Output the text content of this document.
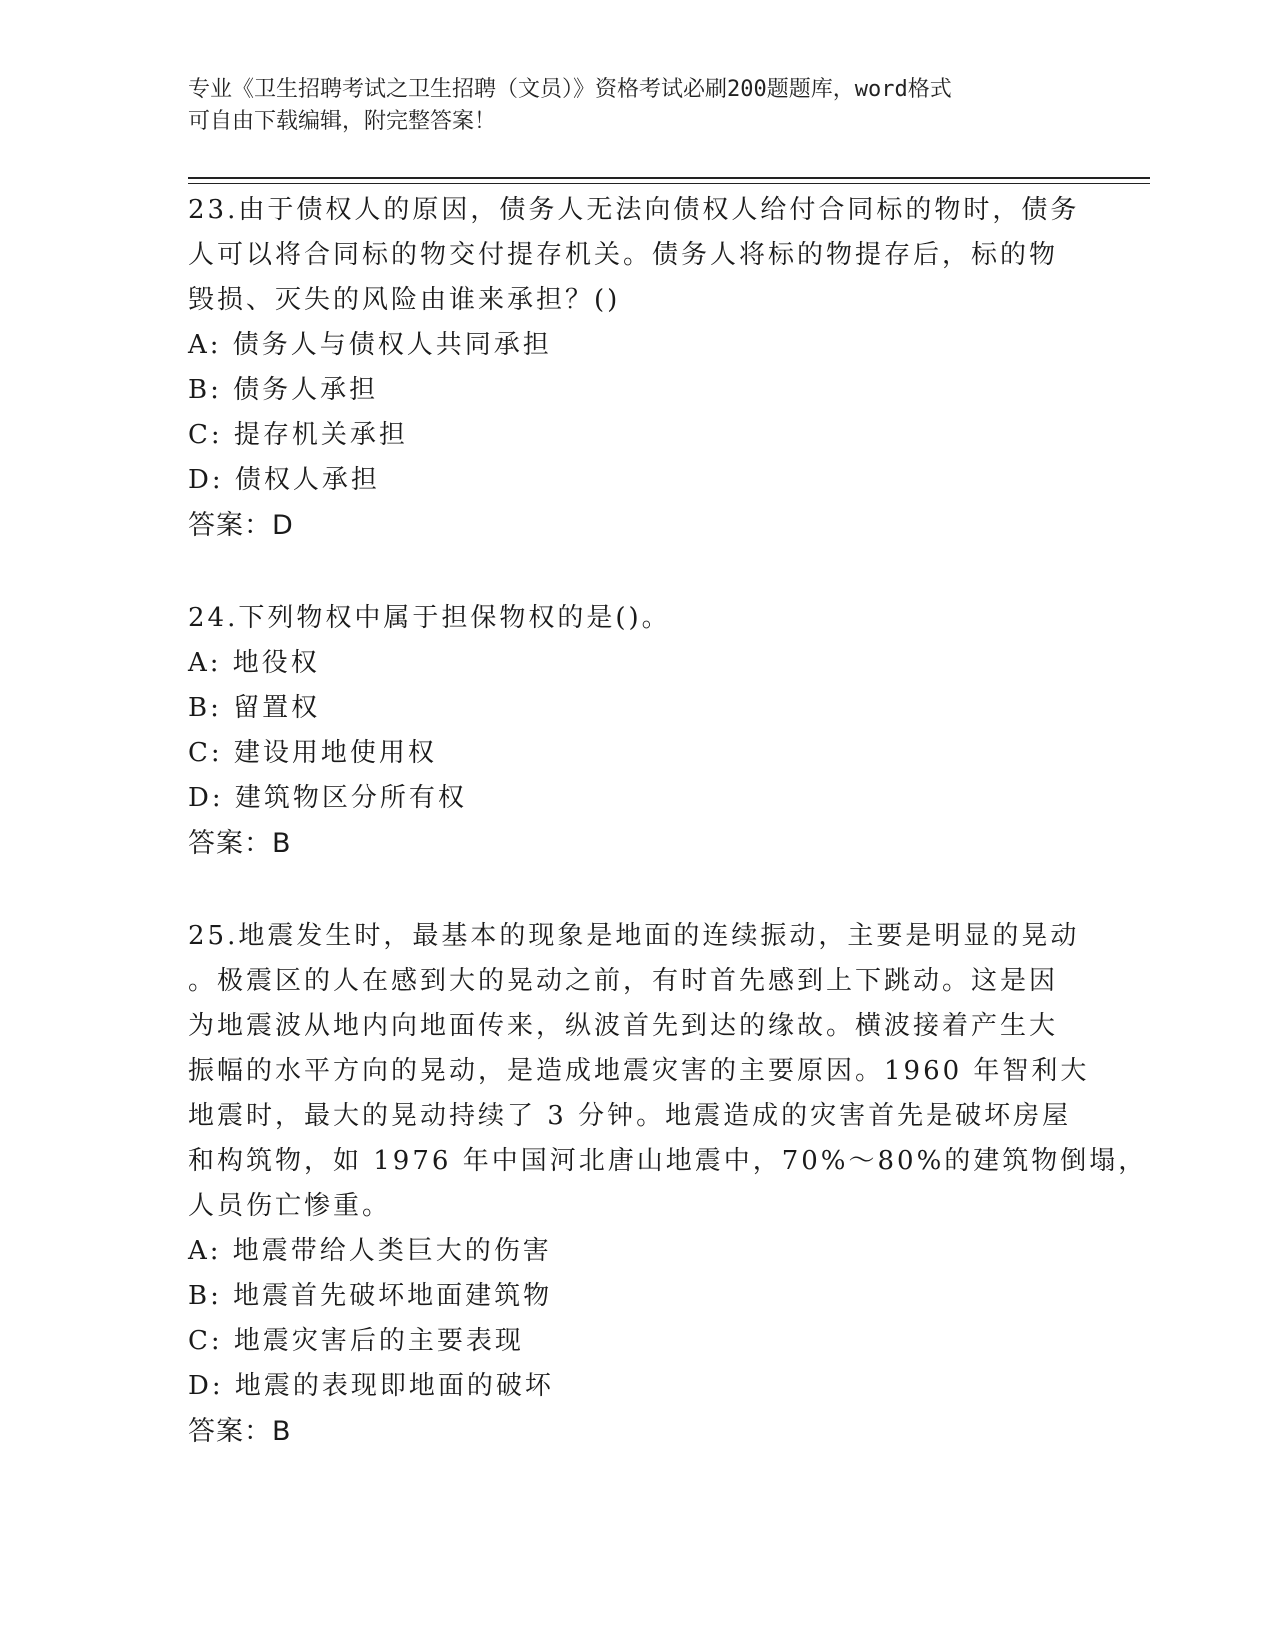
专业《卫生招聘考试之卫生招聘（文员）》资格考试必刷200题题库，word格式
可自由下载编辑，附完整答案！
23.由于债权人的原因，债务人无法向债权人给付合同标的物时，债务
人可以将合同标的物交付提存机关。债务人将标的物提存后，标的物
毁损、灭失的风险由谁来承担？()
A: 债务人与债权人共同承担
B: 债务人承担
C: 提存机关承担
D: 债权人承担
答案：D
24.下列物权中属于担保物权的是()。
A: 地役权
B: 留置权
C: 建设用地使用权
D: 建筑物区分所有权
答案：B
25.地震发生时，最基本的现象是地面的连续振动，主要是明显的晃动
。极震区的人在感到大的晃动之前，有时首先感到上下跳动。这是因
为地震波从地内向地面传来，纵波首先到达的缘故。横波接着产生大
振幅的水平方向的晃动，是造成地震灾害的主要原因。1960 年智利大
地震时，最大的晃动持续了 3 分钟。地震造成的灾害首先是破坏房屋
和构筑物，如 1976 年中国河北唐山地震中，70%～80%的建筑物倒塌，
人员伤亡惨重。
A: 地震带给人类巨大的伤害
B: 地震首先破坏地面建筑物
C: 地震灾害后的主要表现
D: 地震的表现即地面的破坏
答案：B
